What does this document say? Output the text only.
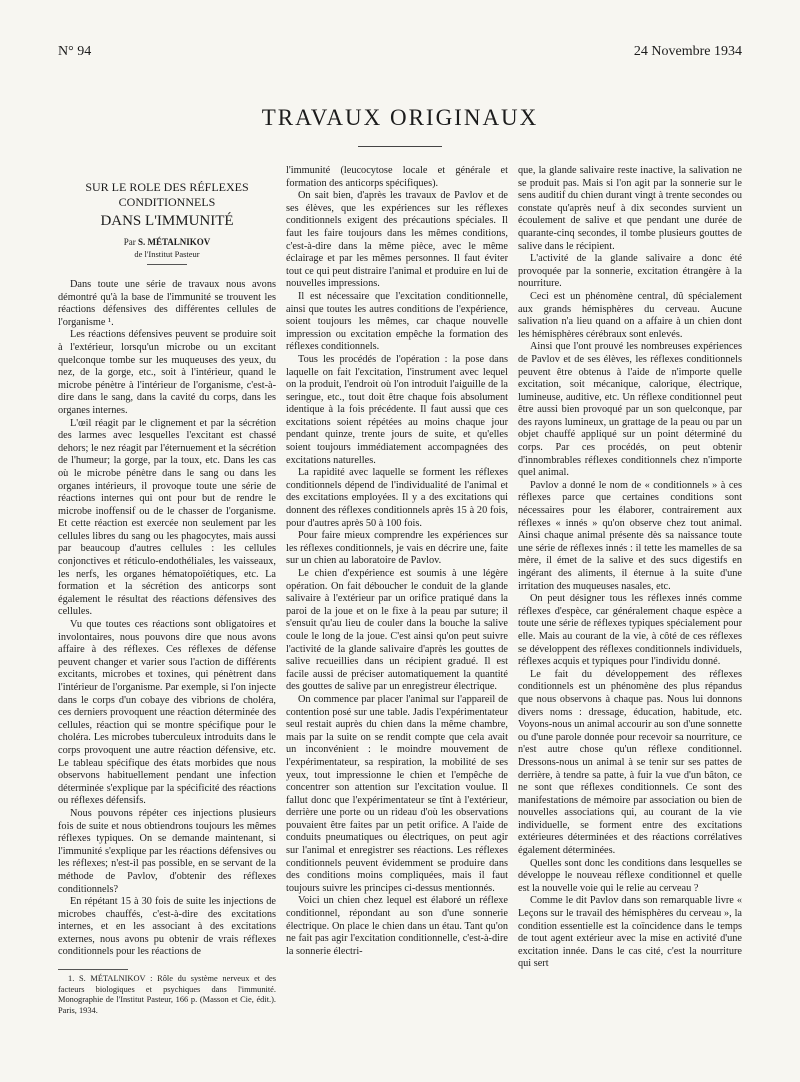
N° 94	24 Novembre 1934
TRAVAUX ORIGINAUX
SUR LE ROLE DES RÉFLEXES CONDITIONNELS
DANS L'IMMUNITÉ
Par S. MÉTALNIKOV
de l'Institut Pasteur

Dans toute une série de travaux nous avons démontré qu'à la base de l'immunité se trouvent les réactions défensives des différentes cellules de l'organisme ¹.

Les réactions défensives peuvent se produire soit à l'extérieur, lorsqu'un microbe ou un excitant quelconque tombe sur les muqueuses des yeux, du nez, de la gorge, etc., soit à l'intérieur, quand le microbe pénètre à l'intérieur de l'organisme, c'est-à-dire dans le sang, dans la cavité du corps, dans les organes internes.

L'œil réagit par le clignement et par la sécrétion des larmes avec lesquelles l'excitant est chassé dehors; le nez réagit par l'éternuement et la sécrétion de l'humeur; la gorge, par la toux, etc. Dans les cas où le microbe pénètre dans le sang ou dans les organes intérieurs, il provoque toute une série de réactions internes qui ont pour but de rendre le microbe inoffensif ou de le chasser de l'organisme. Et cette réaction est exercée non seulement par les cellules libres du sang ou les phagocytes, mais aussi par beaucoup d'autres cellules : les cellules conjonctives et réticulo-endothéliales, les vaisseaux, les nerfs, les organes hématopoïétiques, etc. La formation et la sécrétion des anticorps sont également le résultat des réactions défensives des cellules.

Vu que toutes ces réactions sont obligatoires et involontaires, nous pouvons dire que nous avons affaire à des réflexes. Ces réflexes de défense peuvent changer et varier sous l'action de différents excitants, microbes et toxines, qui pénètrent dans l'intérieur de l'organisme. Par exemple, si l'on injecte dans le corps d'un cobaye des vibrions de choléra, ces derniers provoquent une réaction déterminée des cellules, réaction qui se montre spécifique pour le choléra. Les microbes tuberculeux introduits dans le corps provoquent une autre réaction défensive, etc. Le tableau spécifique des états morbides que nous observons habituellement pendant une infection déterminée s'explique par la spécificité des réactions ou réflexes défensifs.

Nous pouvons répéter ces injections plusieurs fois de suite et nous obtiendrons toujours les mêmes réflexes typiques. On se demande maintenant, si l'immunité s'explique par les réactions défensives ou les réflexes; n'est-il pas possible, en se servant de la méthode de Pavlov, d'obtenir des réflexes conditionnels?

En répétant 15 à 30 fois de suite les injections de microbes chauffés, c'est-à-dire des excitations internes, et en les associant à des excitations externes, nous avons pu obtenir de vrais réflexes conditionnels pour les réactions de

1. S. MÉTALNIKOV : Rôle du système nerveux et des facteurs biologiques et psychiques dans l'immunité. Monographie de l'Institut Pasteur, 166 p. (Masson et Cie, édit.). Paris, 1934.

l'immunité (leucocytose locale et générale et formation des anticorps spécifiques).

On sait bien, d'après les travaux de Pavlov et de ses élèves, que les expériences sur les réflexes conditionnels exigent des précautions spéciales. Il faut les faire toujours dans les mêmes conditions, c'est-à-dire dans la même pièce, avec le même éclairage et par les mêmes personnes. Il faut éviter tout ce qui peut distraire l'animal et produire en lui de nouvelles impressions.

Il est nécessaire que l'excitation conditionnelle, ainsi que toutes les autres conditions de l'expérience, soient toujours les mêmes, car chaque nouvelle impression ou excitation empêche la formation des réflexes conditionnels.

Tous les procédés de l'opération : la pose dans laquelle on fait l'excitation, l'instrument avec lequel on la produit, l'endroit où l'on introduit l'aiguille de la seringue, etc., tout doit être chaque fois absolument identique à la fois précédente. Il faut aussi que ces excitations soient répétées au moins chaque jour pendant quinze, trente jours de suite, et qu'elles soient toujours immédiatement accompagnées des excitations naturelles.

La rapidité avec laquelle se forment les réflexes conditionnels dépend de l'individualité de l'animal et des excitations employées. Il y a des excitations qui donnent des réflexes conditionnels après 15 à 20 fois, pour d'autres après 50 à 100 fois.

Pour faire mieux comprendre les expériences sur les réflexes conditionnels, je vais en décrire une, faite sur un chien au laboratoire de Pavlov.

Le chien d'expérience est soumis à une légère opération. On fait déboucher le conduit de la glande salivaire à l'extérieur par un orifice pratiqué dans la paroi de la joue et on le fixe à la peau par suture; il s'ensuit qu'au lieu de couler dans la bouche la salive coule le long de la joue. C'est ainsi qu'on peut suivre l'activité de la glande salivaire d'après les gouttes de salive recueillies dans un récipient gradué. Il est facile aussi de préciser automatiquement la quantité des gouttes de salive par un enregistreur électrique.

On commence par placer l'animal sur l'appareil de contention posé sur une table. Jadis l'expérimentateur seul restait auprès du chien dans la même chambre, mais par la suite on se rendit compte que cela avait un inconvénient : le moindre mouvement de l'expérimentateur, sa respiration, la mobilité de ses yeux, tout impressionne le chien et l'empêche de concentrer son attention sur l'excitation voulue. Il fallut donc que l'expérimentateur se tînt à l'extérieur, derrière une porte ou un rideau d'où les observations pouvaient être faites par un petit orifice. A l'aide de conduits pneumatiques ou électriques, on peut agir sur l'animal et enregistrer ses réactions. Les réflexes conditionnels peuvent évidemment se produire dans des conditions moins compliquées, mais il faut toujours suivre les principes ci-dessus mentionnés.

Voici un chien chez lequel est élaboré un réflexe conditionnel, répondant au son d'une sonnerie électrique. On place le chien dans un étau. Tant qu'on ne fait pas agir l'excitation conditionnelle, c'est-à-dire la sonnerie électri-

que, la glande salivaire reste inactive, la salivation ne se produit pas. Mais si l'on agit par la sonnerie sur le sens auditif du chien durant vingt à trente secondes ou constate qu'après neuf à dix secondes survient un écoulement de salive et que pendant une durée de quarante-cinq secondes, il tombe plusieurs gouttes de salive dans le récipient.

L'activité de la glande salivaire a donc été provoquée par la sonnerie, excitation étrangère à la nourriture.

Ceci est un phénomène central, dû spécialement aux grands hémisphères du cerveau. Aucune salivation n'a lieu quand on a affaire à un chien dont les hémisphères cérébraux sont enlevés.

Ainsi que l'ont prouvé les nombreuses expériences de Pavlov et de ses élèves, les réflexes conditionnels peuvent être obtenus à l'aide de n'importe quelle excitation, soit mécanique, calorique, électrique, lumineuse, auditive, etc. Un réflexe conditionnel peut être aussi bien provoqué par un son quelconque, par des rayons lumineux, un grattage de la peau ou par un objet chauffé appliqué sur un point déterminé du corps. Par ces procédés, on peut obtenir d'innombrables réflexes conditionnels chez n'importe quel animal.

Pavlov a donné le nom de « conditionnels » à ces réflexes parce que certaines conditions sont nécessaires pour les élaborer, contrairement aux réflexes « innés » qu'on observe chez tout animal. Ainsi chaque animal présente dès sa naissance toute une série de réflexes innés : il tette les mamelles de sa mère, il émet de la salive et des sucs digestifs en ingérant des aliments, il éternue à la suite d'une irritation des muqueuses nasales, etc.

On peut désigner tous les réflexes innés comme réflexes d'espèce, car généralement chaque espèce a toute une série de réflexes typiques spécialement pour elle. Mais au courant de la vie, à côté de ces réflexes se développent des réflexes conditionnels individuels, réflexes acquis et typiques pour l'individu donné.

Le fait du développement des réflexes conditionnels est un phénomène des plus répandus que nous observons à chaque pas. Nous lui donnons divers noms : dressage, éducation, habitude, etc. Voyons-nous un animal accourir au son d'une sonnette ou d'une parole donnée pour recevoir sa nourriture, ce n'est autre chose qu'un réflexe conditionnel. Dressons-nous un animal à se tenir sur ses pattes de derrière, à tendre sa patte, à fuir la vue d'un bâton, ce ne sont que réflexes conditionnels. Ce sont des manifestations de mémoire par association ou bien de nouvelles associations qui, au courant de la vie individuelle, se forment entre des excitations extérieures déterminées et des réactions corrélatives également déterminées.

Quelles sont donc les conditions dans lesquelles se développe le nouveau réflexe conditionnel et quelle est la nouvelle voie qui le relie au cerveau ?

Comme le dit Pavlov dans son remarquable livre « Leçons sur le travail des hémisphères du cerveau », la condition essentielle est la coïncidence dans le temps de tout agent extérieur avec la mise en activité d'une excitation innée. Dans le cas cité, c'est la nourriture qui sert
